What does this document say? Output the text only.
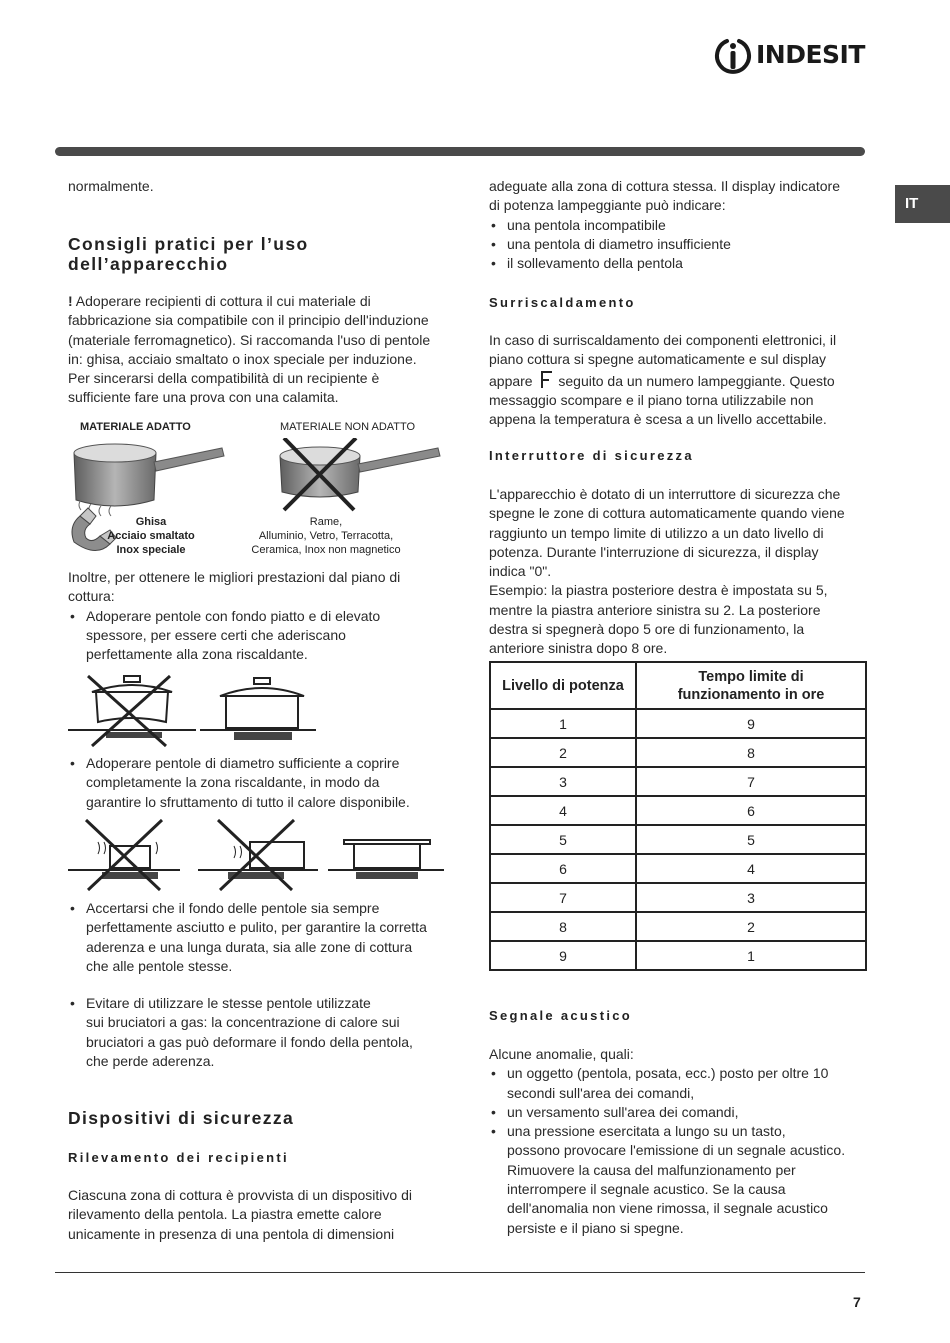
INDESIT
IT

normalmente.

Consigli pratici per l’uso
dell’apparecchio

! Adoperare recipienti di cottura il cui materiale di

fabbricazione sia compatibile con il principio dell'induzione

(materiale ferromagnetico). Si raccomanda l'uso di pentole

in: ghisa, acciaio smaltato o inox speciale per induzione.

Per sincerarsi della compatibilità di un recipiente è

sufficiente fare una prova con una calamita.

MATERIALE ADATTO	MATERIALE NON ADATTO
Ghisa
Acciaio smaltato
Inox speciale
Rame,
Alluminio, Vetro, Terracotta,
Ceramica, Inox non magnetico

Inoltre, per ottenere le migliori prestazioni dal piano di

cottura:

• Adoperare pentole con fondo piatto e di elevato

spessore, per essere certi che aderiscano

perfettamente alla zona riscaldante.

• Adoperare pentole di diametro sufficiente a coprire

completamente la zona riscaldante, in modo da

garantire lo sfruttamento di tutto il calore disponibile.

• Accertarsi che il fondo delle pentole sia sempre

perfettamente asciutto e pulito, per garantire la corretta

aderenza e una lunga durata, sia alle zone di cottura

che alle pentole stesse.

• Evitare di utilizzare le stesse pentole utilizzate

sui bruciatori a gas: la concentrazione di calore sui

bruciatori a gas può deformare il fondo della pentola,

che perde aderenza.

Dispositivi di sicurezza
Rilevamento dei recipienti

Ciascuna zona di cottura è provvista di un dispositivo di

rilevamento della pentola. La piastra emette calore

unicamente in presenza di una pentola di dimensioni

adeguate alla zona di cottura stessa. Il display indicatore

di potenza lampeggiante può indicare:

• una pentola incompatibile

• una pentola di diametro insufficiente

• il sollevamento della pentola

Surriscaldamento

In caso di surriscaldamento dei componenti elettronici, il

piano cottura si spegne automaticamente e sul display

appare  seguito da un numero lampeggiante. Questo

messaggio scompare e il piano torna utilizzabile non

appena la temperatura è scesa a un livello accettabile.

Interruttore di sicurezza

L'apparecchio è dotato di un interruttore di sicurezza che

spegne le zone di cottura automaticamente quando viene

raggiunto un tempo limite di utilizzo a un dato livello di

potenza. Durante l'interruzione di sicurezza, il display

indica "0".

Esempio: la piastra posteriore destra è impostata su 5,

mentre la piastra anteriore sinistra su 2. La posteriore

destra si spegnerà dopo 5 ore di funzionamento, la

anteriore sinistra dopo 8 ore.

Livello di potenza	Tempo limite di
funzionamento in ore

1	9
2	8
3	7
4	6
5	5
6	4
7	3
8	2
9	1
Segnale acustico

Alcune anomalie, quali:

• un oggetto (pentola, posata, ecc.) posto per oltre 10

secondi sull'area dei comandi,

• un versamento sull'area dei comandi,

• una pressione esercitata a lungo su un tasto,

possono provocare l'emissione di un segnale acustico.

Rimuovere la causa del malfunzionamento per

interrompere il segnale acustico. Se la causa

dell'anomalia non viene rimossa, il segnale acustico

persiste e il piano si spegne.

7
